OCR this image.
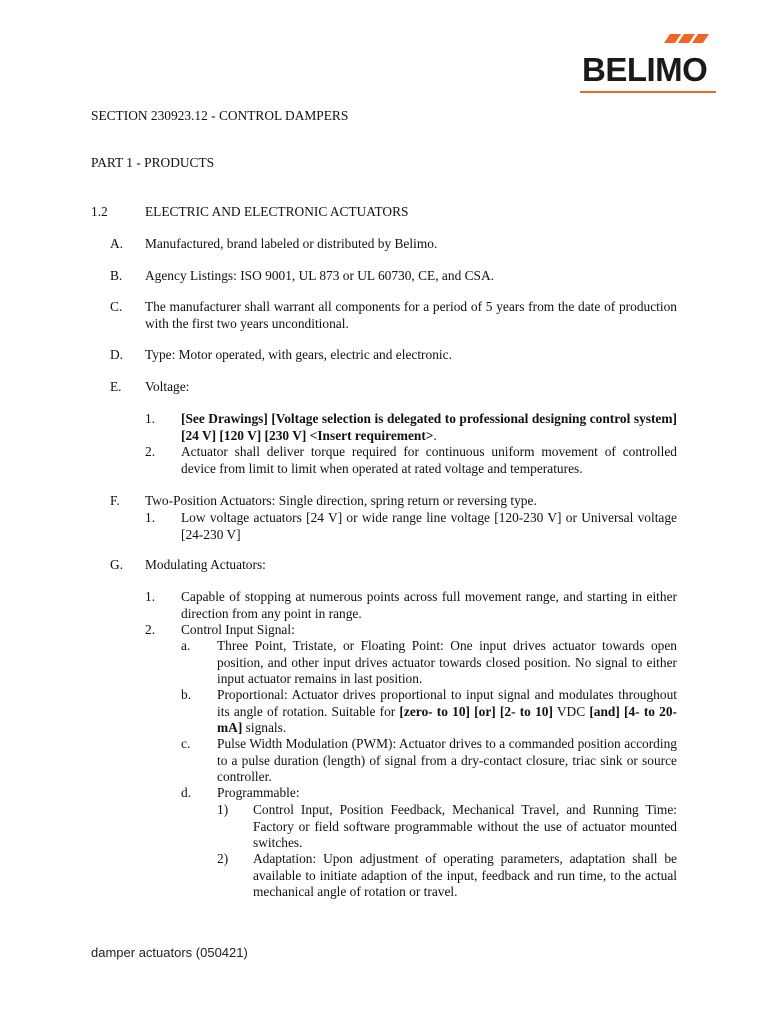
BELIMO
SECTION 230923.12 - CONTROL DAMPERS
PART 1 - PRODUCTS
1.2	ELECTRIC AND ELECTRONIC ACTUATORS
A. Manufactured, brand labeled or distributed by Belimo.
B. Agency Listings: ISO 9001, UL 873 or UL 60730, CE, and CSA.
C. The manufacturer shall warrant all components for a period of 5 years from the date of production with the first two years unconditional.
D. Type: Motor operated, with gears, electric and electronic.
E. Voltage:
1. [See Drawings] [Voltage selection is delegated to professional designing control system] [24 V] [120 V] [230 V] <Insert requirement>.
2. Actuator shall deliver torque required for continuous uniform movement of controlled device from limit to limit when operated at rated voltage and temperatures.
F. Two-Position Actuators: Single direction, spring return or reversing type.
1. Low voltage actuators [24 V] or wide range line voltage [120-230 V] or Universal voltage [24-230 V]
G. Modulating Actuators:
1. Capable of stopping at numerous points across full movement range, and starting in either direction from any point in range.
2. Control Input Signal:
a. Three Point, Tristate, or Floating Point: One input drives actuator towards open position, and other input drives actuator towards closed position. No signal to either input actuator remains in last position.
b. Proportional: Actuator drives proportional to input signal and modulates throughout its angle of rotation. Suitable for [zero- to 10] [or] [2- to 10] VDC [and] [4- to 20-mA] signals.
c. Pulse Width Modulation (PWM): Actuator drives to a commanded position according to a pulse duration (length) of signal from a dry-contact closure, triac sink or source controller.
d. Programmable:
1) Control Input, Position Feedback, Mechanical Travel, and Running Time: Factory or field software programmable without the use of actuator mounted switches.
2) Adaptation: Upon adjustment of operating parameters, adaptation shall be available to initiate adaption of the input, feedback and run time, to the actual mechanical angle of rotation or travel.
damper actuators (050421)
